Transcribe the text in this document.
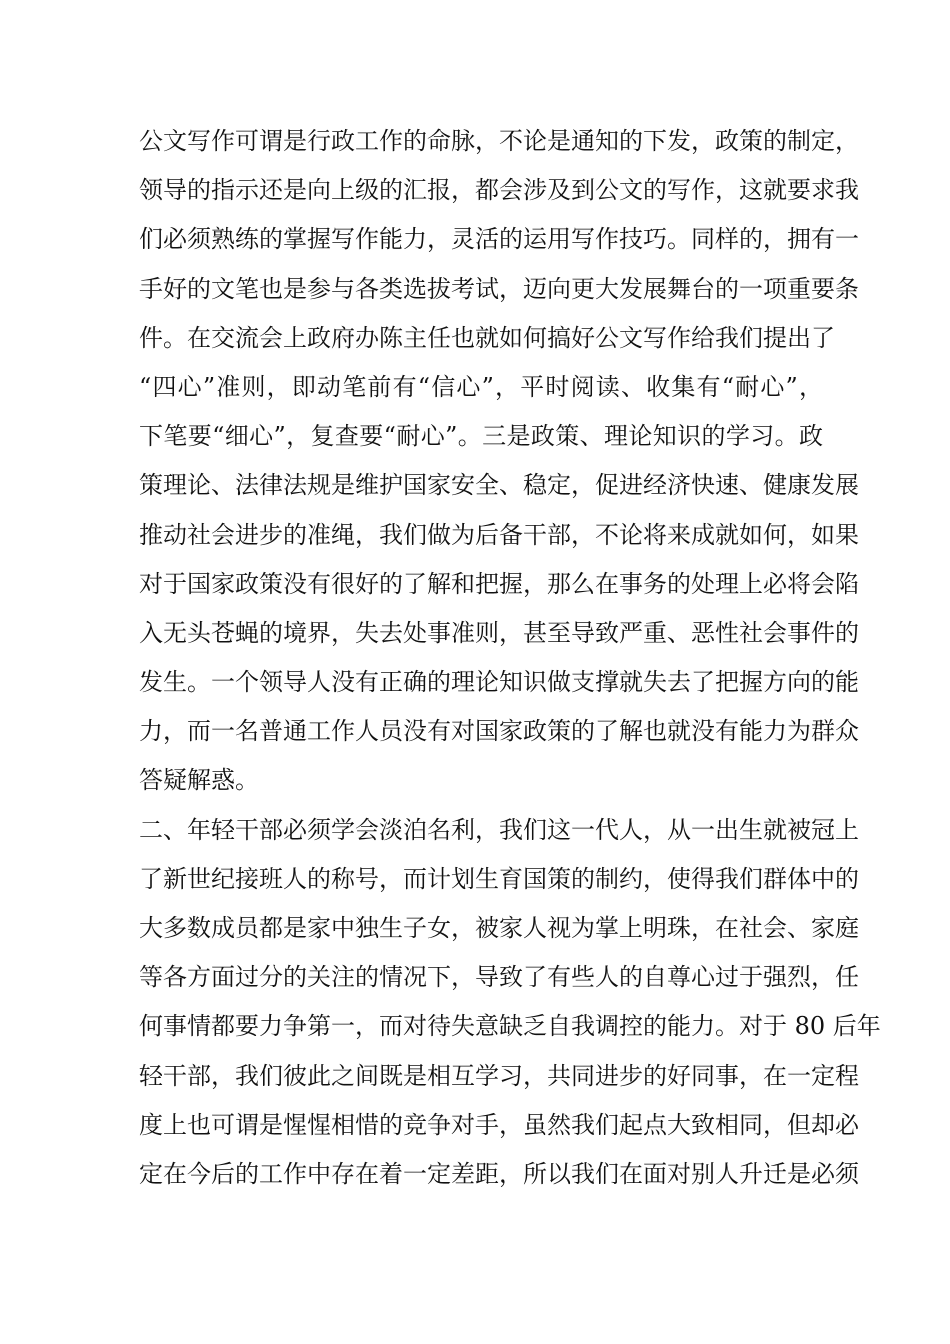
公文写作可谓是行政工作的命脉，不论是通知的下发，政策的制定，
领导的指示还是向上级的汇报，都会涉及到公文的写作，这就要求我
们必须熟练的掌握写作能力，灵活的运用写作技巧。同样的，拥有一
手好的文笔也是参与各类选拔考试，迈向更大发展舞台的一项重要条
件。在交流会上政府办陈主任也就如何搞好公文写作给我们提出了
“四心”准则，即动笔前有“信心”，平时阅读、收集有“耐心”，
下笔要“细心”，复查要“耐心”。三是政策、理论知识的学习。政
策理论、法律法规是维护国家安全、稳定，促进经济快速、健康发展
推动社会进步的准绳，我们做为后备干部，不论将来成就如何，如果
对于国家政策没有很好的了解和把握，那么在事务的处理上必将会陷
入无头苍蝇的境界，失去处事准则，甚至导致严重、恶性社会事件的
发生。一个领导人没有正确的理论知识做支撑就失去了把握方向的能
力，而一名普通工作人员没有对国家政策的了解也就没有能力为群众
答疑解惑。
二、年轻干部必须学会淡泊名利，我们这一代人，从一出生就被冠上
了新世纪接班人的称号，而计划生育国策的制约，使得我们群体中的
大多数成员都是家中独生子女，被家人视为掌上明珠，在社会、家庭
等各方面过分的关注的情况下，导致了有些人的自尊心过于强烈，任
何事情都要力争第一，而对待失意缺乏自我调控的能力。对于 80 后年
轻干部，我们彼此之间既是相互学习，共同进步的好同事，在一定程
度上也可谓是惺惺相惜的竞争对手，虽然我们起点大致相同，但却必
定在今后的工作中存在着一定差距，所以我们在面对别人升迁是必须
